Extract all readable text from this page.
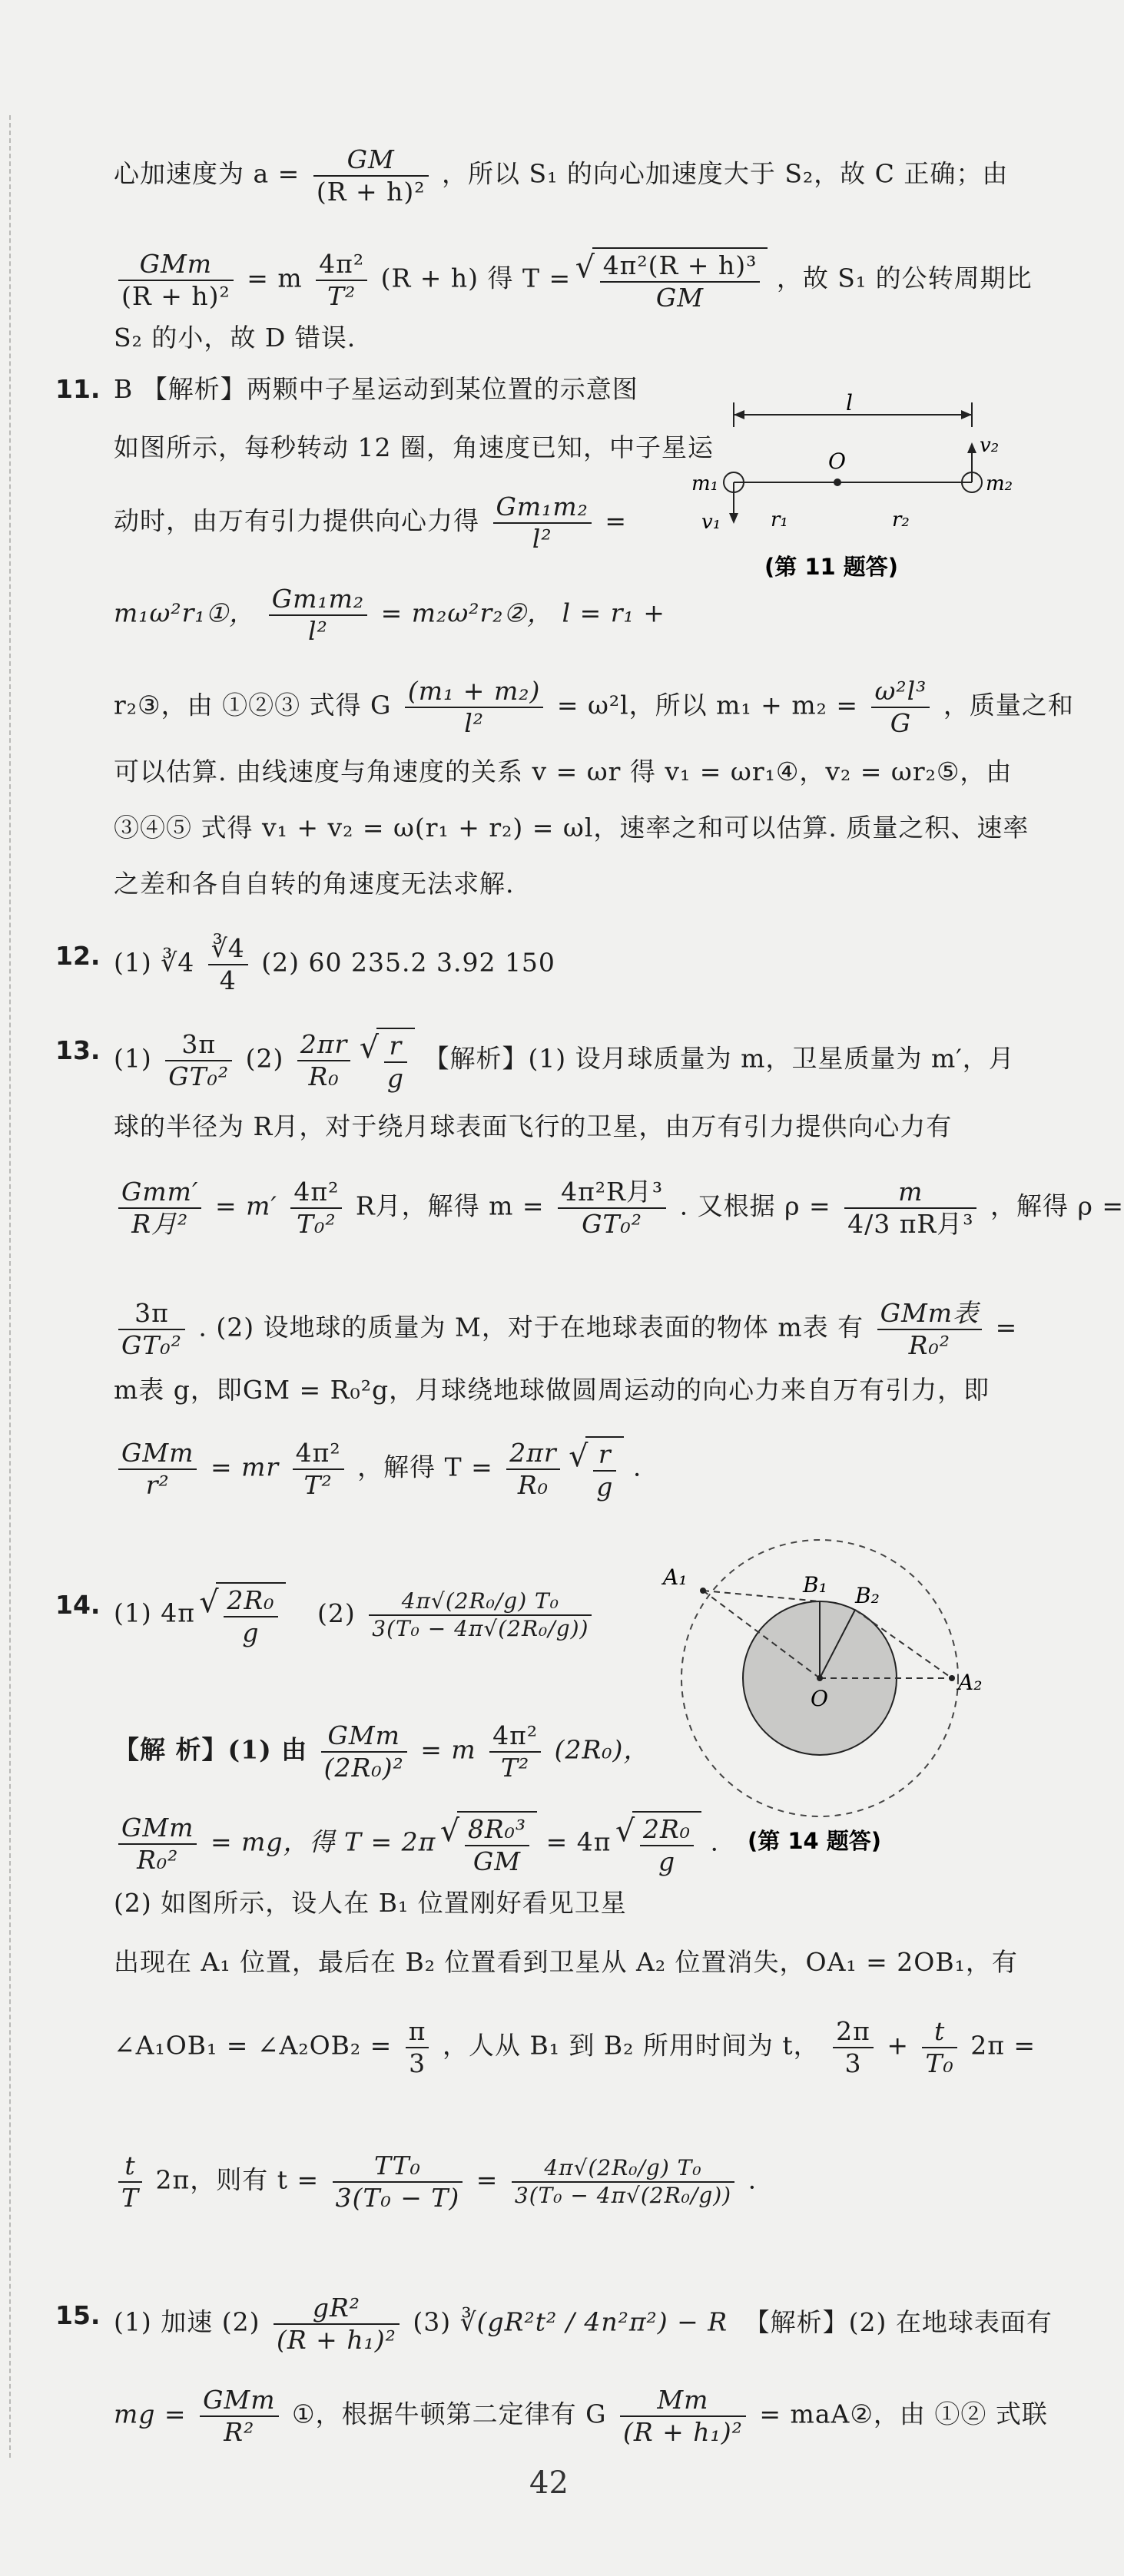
心加速度为 $a = \frac{GM}{\text{(R + h)²}}$ ，所以 S₁ 的向心加速度大于 S₂，故 C 正确；由
$\frac{\text{GMm}}{\text{(R + h)²}} = m \frac{\text{4π²}}{\text{T²}} (R + h)$ 得 T = √ $\frac{\text{4π²(R + h)³}}{GM}$ ，故 S₁ 的公转周期比
S₂ 的小，故 D 错误.
11. B 【解析】两颗中子星运动到某位置的示意图
如图所示，每秒转动 12 圈，角速度已知，中子星运
动时，由万有引力提供向心力得 $\frac{\text{Gm₁m₂}}{\text{l²}}$ =
m₁ω²r₁①， $\frac{\text{Gm₁m₂}}{\text{l²}}$ = m₂ω²r₂②， l = r₁ +
r₂③，由 ①②③ 式得 G $\frac{\text{(m₁ + m₂)}}{\text{l²}} = \omega^2l$，所以 $m_1 + m_2 = \frac{\text{ω²l³}}{G}$ ，质量之和
可以估算. 由线速度与角速度的关系 v = ωr 得 v₁ = ωr₁④，v₂ = ωr₂⑤，由
③④⑤ 式得 v₁ + v₂ = ω(r₁ + r₂) = ωl，速率之和可以估算. 质量之积、速率
之差和各自自转的角速度无法求解.
l
O
m₁	m₂
v₁
v₂
r₁	r₂
(第 11 题答)
12. (1) ∛4 $\frac{∛4}{4} (2)$ 60 235.2 3.92 150
13. $(1) \frac{3\pi}{\text{GT₀²}} (2) \frac{2\pi r}{\text{R₀}}$
√ $\frac{r}{g}$ 【解析】(1) 设月球质量为 m，卫星质量为 m′，月
球的半径为 R月，对于绕月球表面飞行的卫星，由万有引力提供向心力有
$\frac{\text{Gmm′}}{\text{R月²}} = m' \frac{\text{4π²}}{\text{T₀²}}$ R月，解得 $m = \frac{\text{4π²R月³}}{\text{GT₀²}}$ . 又根据 $\rho = \frac{m}{\text{4/3 πR月³}}$ ，解得 ρ =
$\frac{3\pi}{\text{GT₀²}}$ . (2) 设地球的质量为 M，对于在地球表面的物体 m表 有 $\frac{\text{GMm表}}{\text{R₀²}}$ =
m表 g，即GM = R₀²g，月球绕地球做圆周运动的向心力来自万有引力，即
$\frac{\text{GMm}}{\text{r²}}$ = mr $\frac{\text{4π²}}{\text{T²}}$ ，解得 $T = \frac{2\pi r}{\text{R₀}}$
√ $\frac{r}{g}$ .
14. (1) 4π √ $\frac{\text{2R₀}}{g} (2) \frac{\text{4π√(2R₀/g) T₀}}{\text{3(T₀ − 4π√(2R₀/g))}}$
【解 析】(1) 由 $\frac{\text{GMm}}{\text{(2R₀)²}} = m \frac{\text{4π²}}{\text{T²}} (2R_0)$，
$\frac{\text{GMm}}{\text{R₀²}}$ = mg，得 T = 2π √ $\frac{\text{8R₀³}}{GM} = 4\pi$ √ $\frac{\text{2R₀}}{g}$ .
(2) 如图所示，设人在 B₁ 位置刚好看见卫星
出现在 A₁ 位置，最后在 B₂ 位置看到卫星从 A₂ 位置消失，OA₁ = 2OB₁，有
∠A₁OB₁ = ∠A₂OB₂ = $\frac{\pi}{3}$ ，人从 B₁ 到 B₂ 所用时间为 t， $\frac{2\pi}{3} + \frac{t}{\text{T₀}} 2\pi$ =
$\frac{t}{T} 2\pi$，则有 $t = \frac{\text{TT₀}}{\text{3(T₀ − T)}} = \frac{\text{4π√(2R₀/g) T₀}}{\text{3(T₀ − 4π√(2R₀/g))}}$ .
A₁
A₂
B₁ B₂
O
(第 14 题答)
15. (1) 加速 $(2) \frac{\text{gR²}}{\text{(R + h₁)²}} (3)$ ∛(gR²t² / 4n²π²) − R 【解析】(2) 在地球表面有
mg = $\frac{\text{GMm}}{\text{R²}}$ ①，根据牛顿第二定律有 G $\frac{Mm}{\text{(R + h₁)²}}$ = maA②，由 ①② 式联
42
